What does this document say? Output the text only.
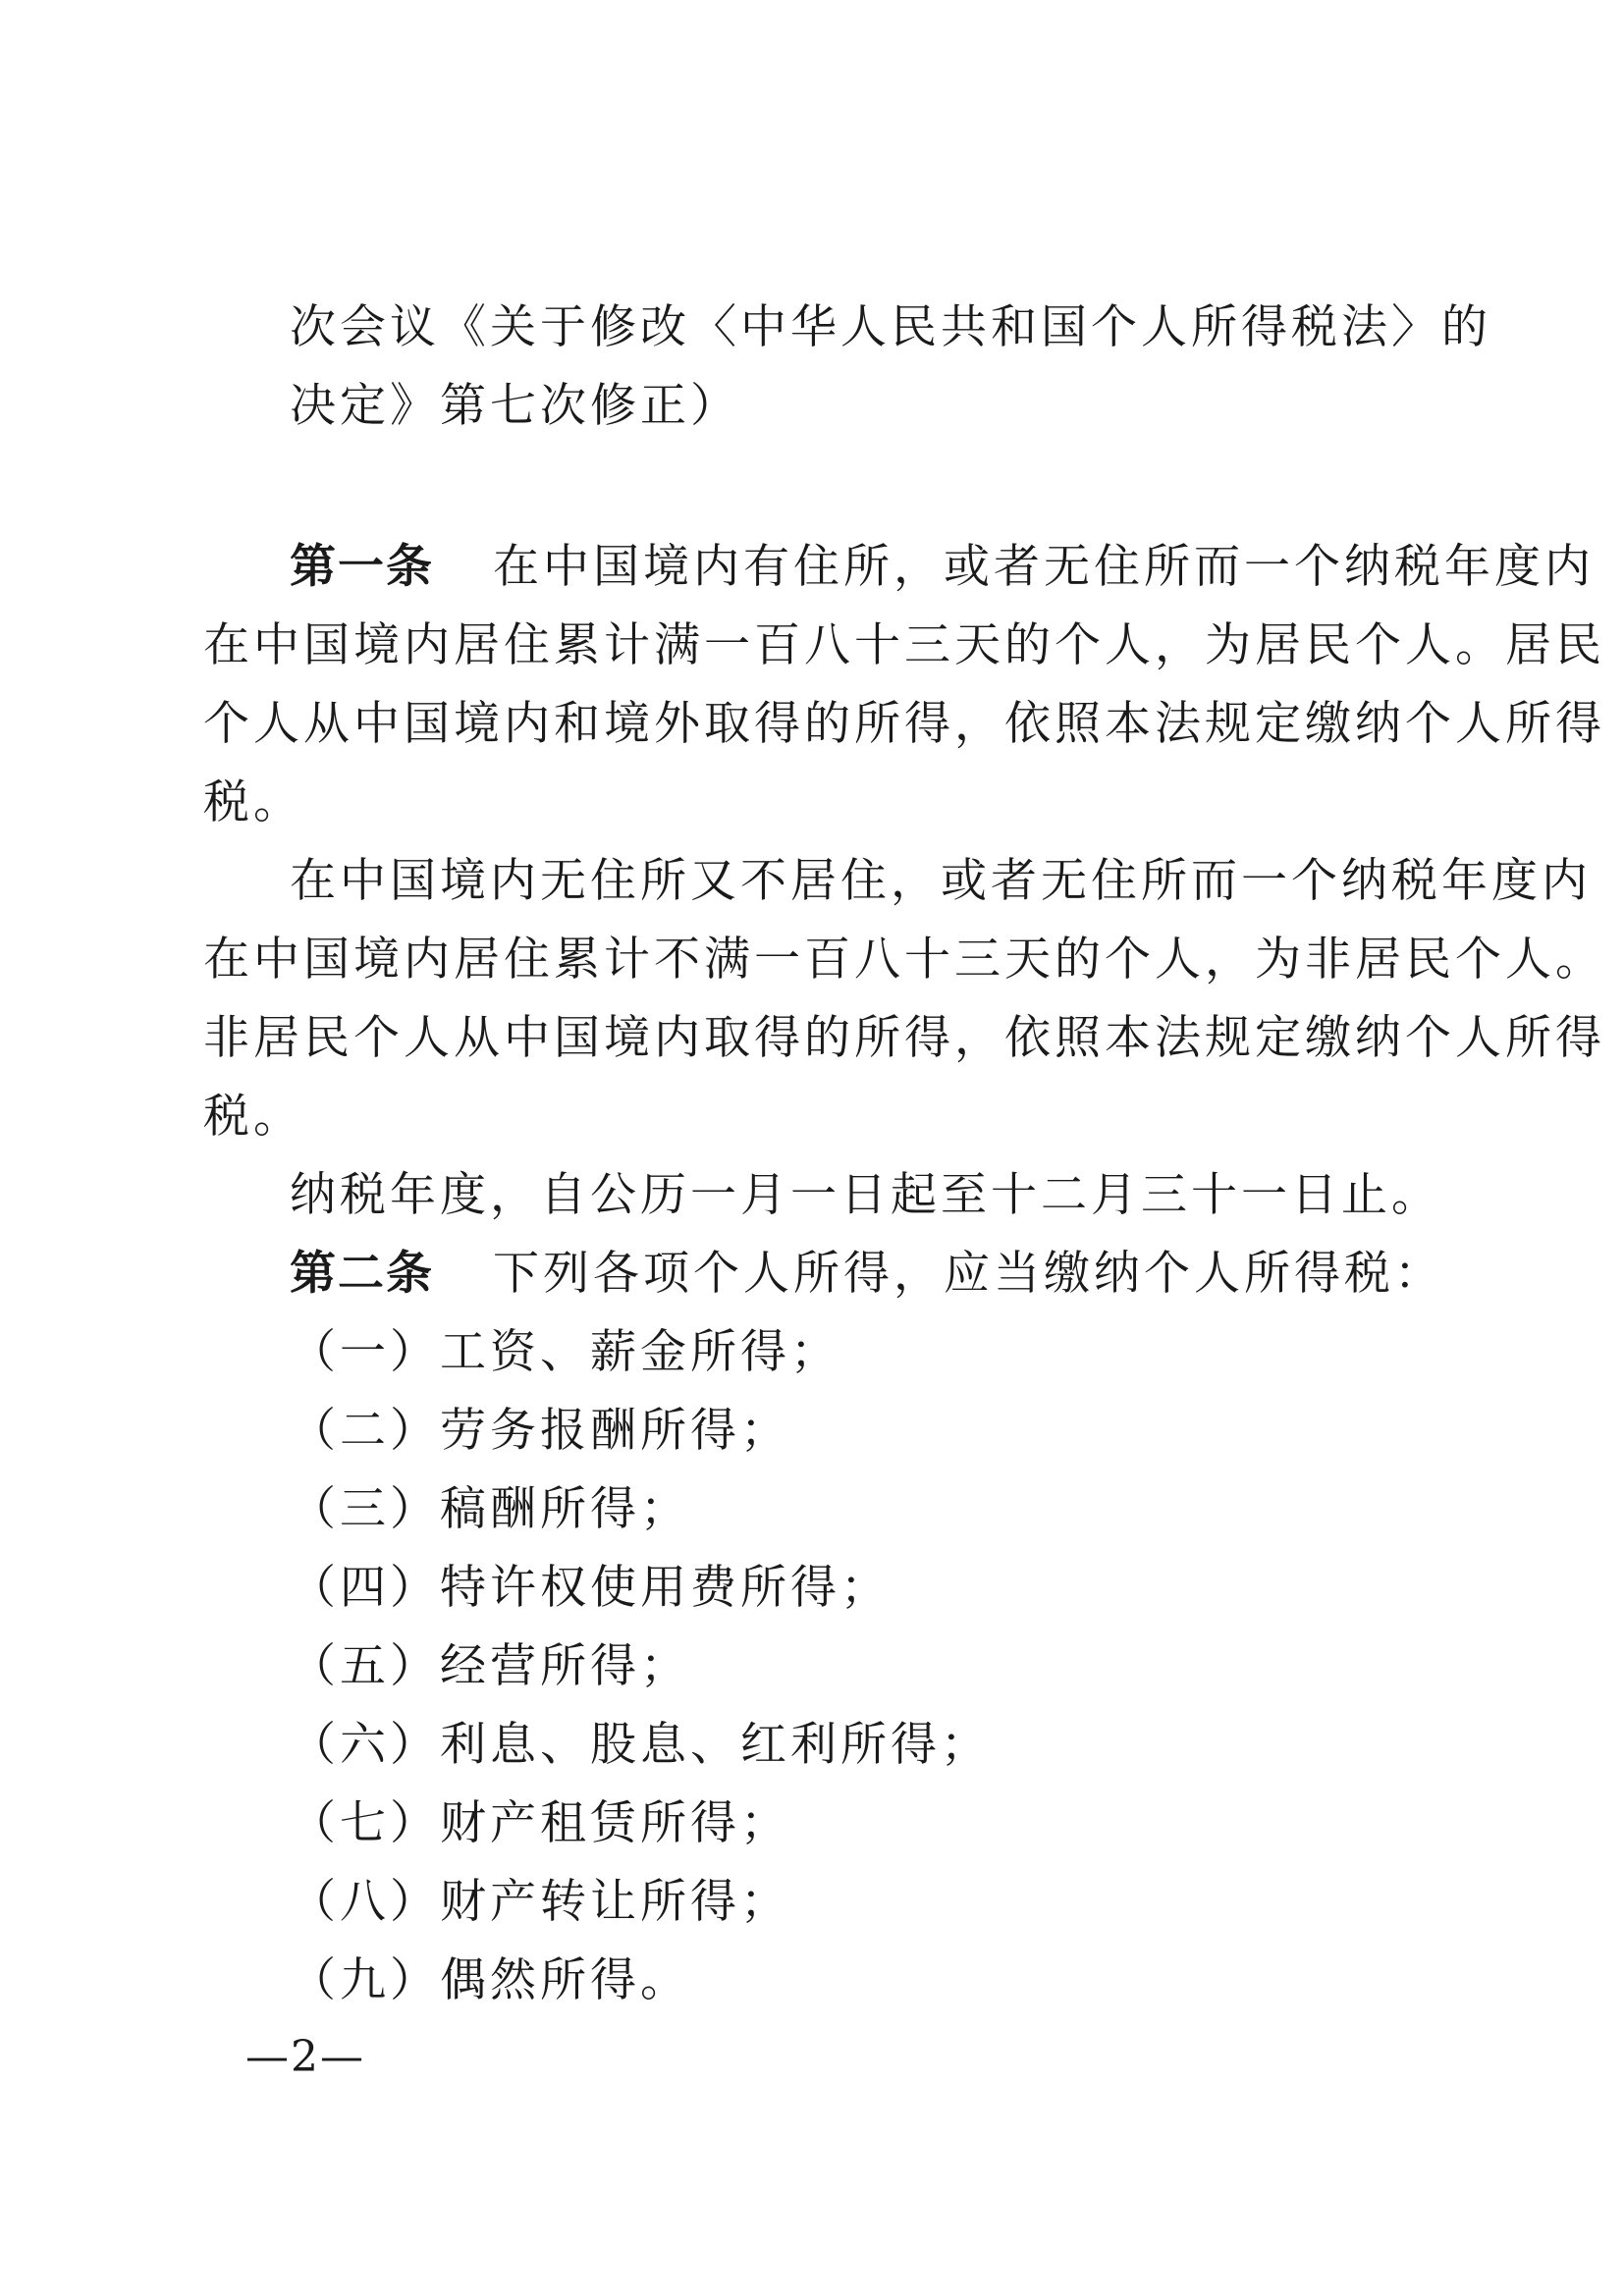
次会议《关于修改〈中华人民共和国个人所得税法〉的
决定》第七次修正）
第一条 在中国境内有住所，或者无住所而一个纳税年度内
在中国境内居住累计满一百八十三天的个人，为居民个人。居民
个人从中国境内和境外取得的所得，依照本法规定缴纳个人所得
税。
在中国境内无住所又不居住，或者无住所而一个纳税年度内
在中国境内居住累计不满一百八十三天的个人，为非居民个人。
非居民个人从中国境内取得的所得，依照本法规定缴纳个人所得
税。
纳税年度，自公历一月一日起至十二月三十一日止。
第二条 下列各项个人所得，应当缴纳个人所得税：
（一）工资、薪金所得；
（二）劳务报酬所得；
（三）稿酬所得；
（四）特许权使用费所得；
（五）经营所得；
（六）利息、股息、红利所得；
（七）财产租赁所得；
（八）财产转让所得；
（九）偶然所得。
—2—
